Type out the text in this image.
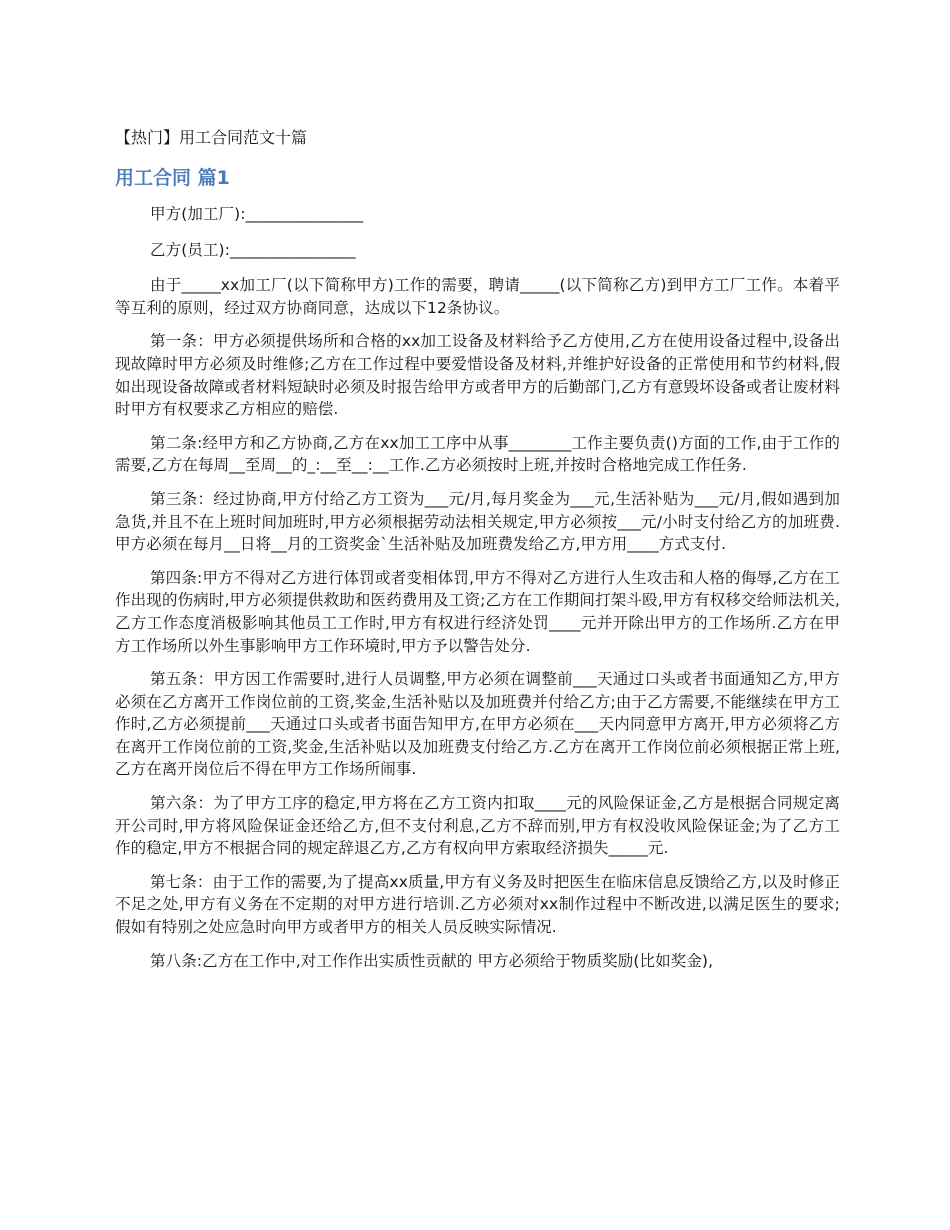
【热门】用工合同范文十篇
用工合同 篇1

甲方(加工厂):_______________

乙方(员工):________________

由于_____xx加工厂(以下简称甲方)工作的需要，聘请_____(以下简称乙方)到甲方工厂工作。本着平等互利的原则，经过双方协商同意，达成以下12条协议。

第一条：甲方必须提供场所和合格的xx加工设备及材料给予乙方使用,乙方在使用设备过程中,设备出现故障时甲方必须及时维修;乙方在工作过程中要爱惜设备及材料,并维护好设备的正常使用和节约材料,假如出现设备故障或者材料短缺时必须及时报告给甲方或者甲方的后勤部门,乙方有意毁坏设备或者让废材料时甲方有权要求乙方相应的赔偿.

第二条:经甲方和乙方协商,乙方在xx加工工序中从事________工作主要负责()方面的工作,由于工作的需要,乙方在每周__至周__的_:__至__:__工作.乙方必须按时上班,并按时合格地完成工作任务.

第三条：经过协商,甲方付给乙方工资为___元/月,每月奖金为___元,生活补贴为___元/月,假如遇到加急货,并且不在上班时间加班时,甲方必须根据劳动法相关规定,甲方必须按___元/小时支付给乙方的加班费.甲方必须在每月__日将__月的工资奖金`生活补贴及加班费发给乙方,甲方用____方式支付.

第四条:甲方不得对乙方进行体罚或者变相体罚,甲方不得对乙方进行人生攻击和人格的侮辱,乙方在工作出现的伤病时,甲方必须提供救助和医药费用及工资;乙方在工作期间打架斗殴,甲方有权移交给师法机关,乙方工作态度消极影响其他员工工作时,甲方有权进行经济处罚____元并开除出甲方的工作场所.乙方在甲方工作场所以外生事影响甲方工作环境时,甲方予以警告处分.

第五条：甲方因工作需要时,进行人员调整,甲方必须在调整前___天通过口头或者书面通知乙方,甲方必须在乙方离开工作岗位前的工资,奖金,生活补贴以及加班费并付给乙方;由于乙方需要,不能继续在甲方工作时,乙方必须提前___天通过口头或者书面告知甲方,在甲方必须在___天内同意甲方离开,甲方必须将乙方在离开工作岗位前的工资,奖金,生活补贴以及加班费支付给乙方.乙方在离开工作岗位前必须根据正常上班,乙方在离开岗位后不得在甲方工作场所闹事.

第六条：为了甲方工序的稳定,甲方将在乙方工资内扣取____元的风险保证金,乙方是根据合同规定离开公司时,甲方将风险保证金还给乙方,但不支付利息,乙方不辞而别,甲方有权没收风险保证金;为了乙方工作的稳定,甲方不根据合同的规定辞退乙方,乙方有权向甲方索取经济损失_____元.

第七条：由于工作的需要,为了提高xx质量,甲方有义务及时把医生在临床信息反馈给乙方,以及时修正不足之处,甲方有义务在不定期的对甲方进行培训.乙方必须对xx制作过程中不断改进,以满足医生的要求;假如有特别之处应急时向甲方或者甲方的相关人员反映实际情况.

第八条:乙方在工作中,对工作作出实质性贡献的 甲方必须给于物质奖励(比如奖金),
